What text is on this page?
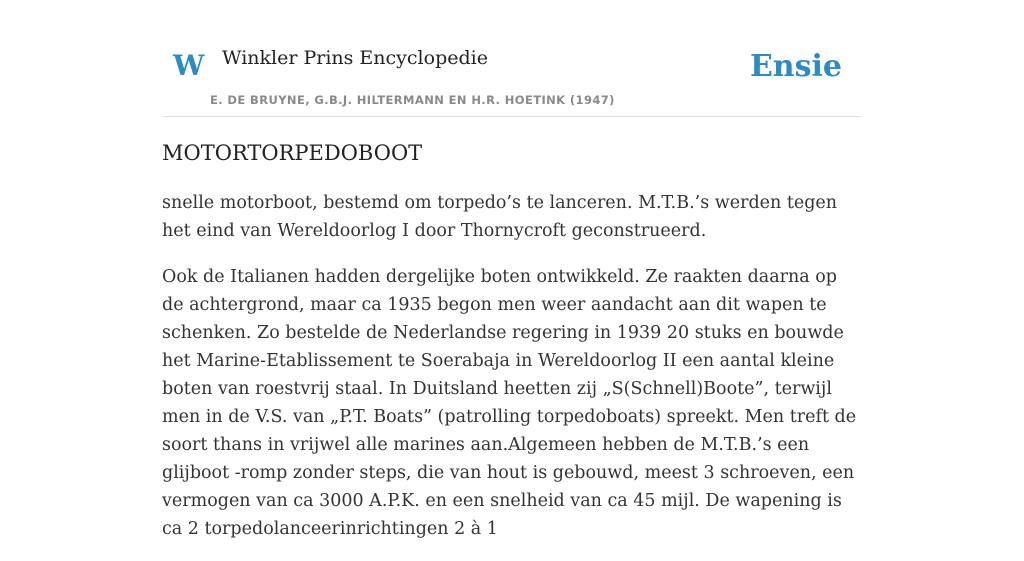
W Winkler Prins Encyclopedie
E. DE BRUYNE, G.B.J. HILTERMANN EN H.R. HOETINK (1947)
Ensie
MOTORTORPEDOBOOT

snelle motorboot, bestemd om torpedo’s te lanceren. M.T.B.’s werden tegen het eind van Wereldoorlog I door Thornycroft geconstrueerd.

Ook de Italianen hadden dergelijke boten ontwikkeld. Ze raakten daarna op de achtergrond, maar ca 1935 begon men weer aandacht aan dit wapen te schenken. Zo bestelde de Nederlandse regering in 1939 20 stuks en bouwde het Marine-Etablissement te Soerabaja in Wereldoorlog II een aantal kleine boten van roestvrij staal. In Duitsland heetten zij „S(Schnell)Boote”, terwijl men in de V.S. van „P.T. Boats” (patrolling torpedoboats) spreekt. Men treft de soort thans in vrijwel alle marines aan.Algemeen hebben de M.T.B.’s een glijboot -romp zonder steps, die van hout is gebouwd, meest 3 schroeven, een vermogen van ca 3000 A.P.K. en een snelheid van ca 45 mijl. De wapening is ca 2 torpedolanceerinrichtingen 2 à 1
